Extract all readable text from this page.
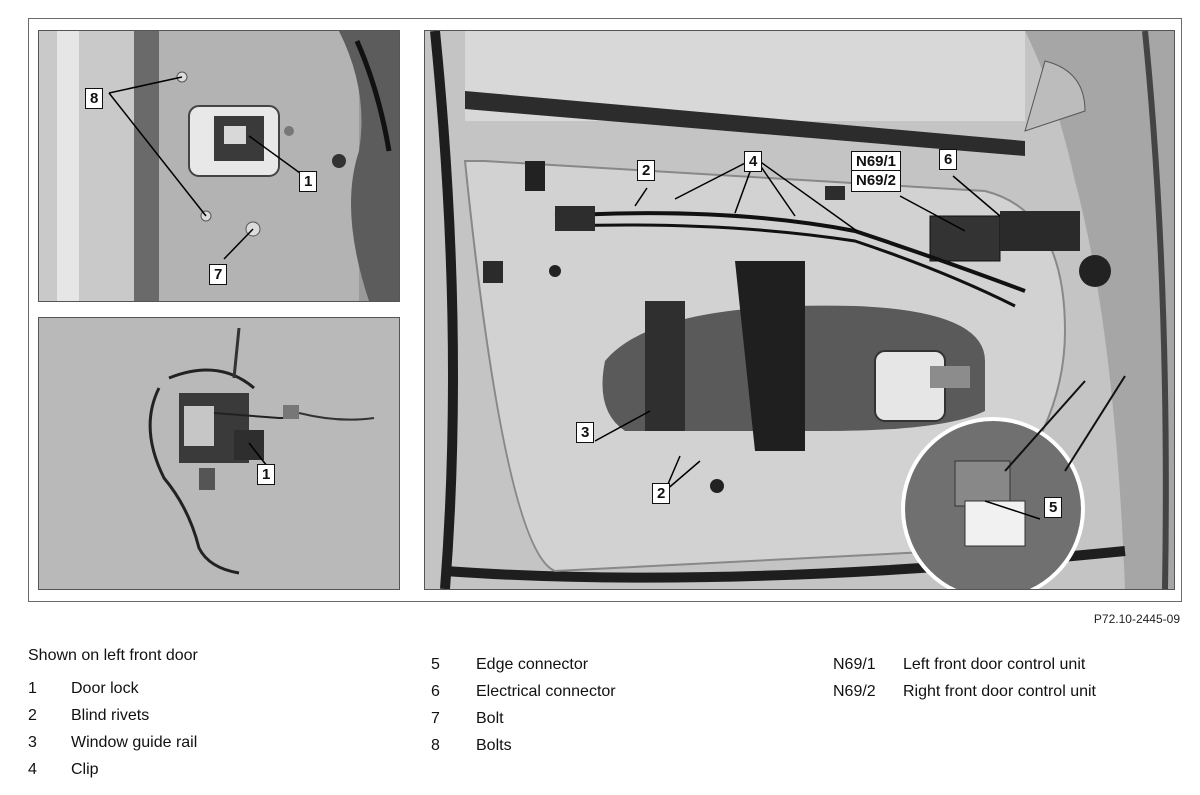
8
1
7
1
2
4	N69/1
N69/2
6
3
2
5
P72.10-2445-09
Shown on left front door
1	Door lock
2	Blind rivets
3	Window guide rail
4	Clip
5	Edge connector
6	Electrical connector
7	Bolt
8	Bolts
N69/1	Left front door control unit
N69/2	Right front door control unit
